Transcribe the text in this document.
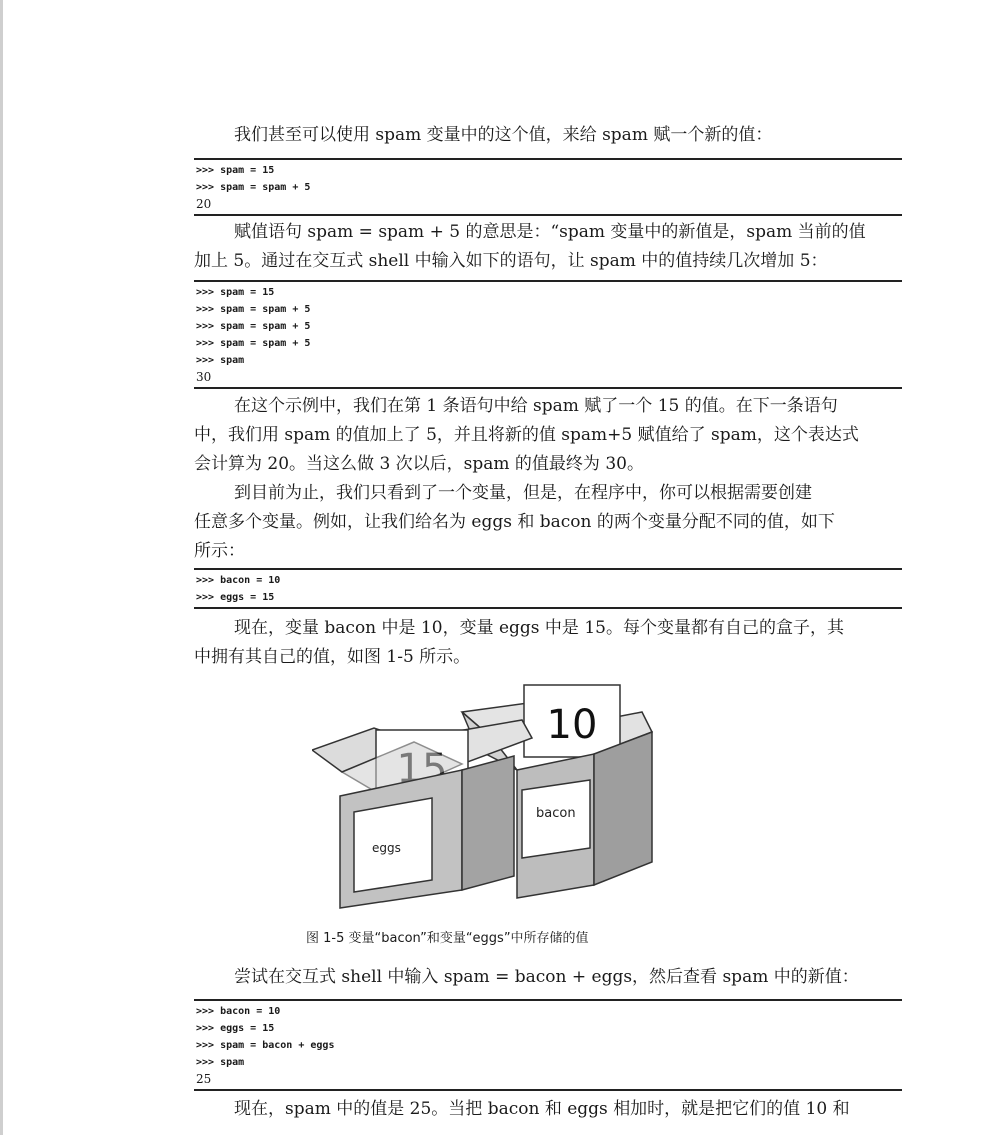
我们甚至可以使用 spam 变量中的这个值，来给 spam 赋一个新的值：

>>> spam = 15
>>> spam = spam + 5
20

赋值语句 spam = spam + 5 的意思是：“spam 变量中的新值是，spam 当前的值
加上 5。通过在交互式 shell 中输入如下的语句，让 spam 中的值持续几次增加 5：

>>> spam = 15
>>> spam = spam + 5
>>> spam = spam + 5
>>> spam = spam + 5
>>> spam
30

在这个示例中，我们在第 1 条语句中给 spam 赋了一个 15 的值。在下一条语句
中，我们用 spam 的值加上了 5，并且将新的值 spam+5 赋值给了 spam，这个表达式
会计算为 20。当这么做 3 次以后，spam 的值最终为 30。

到目前为止，我们只看到了一个变量，但是，在程序中，你可以根据需要创建
任意多个变量。例如，让我们给名为 eggs 和 bacon 的两个变量分配不同的值，如下
所示：

>>> bacon = 10
>>> eggs = 15

现在，变量 bacon 中是 10，变量 eggs 中是 15。每个变量都有自己的盒子，其
中拥有其自己的值，如图 1-5 所示。

10
bacon
eggs
图 1-5 变量“bacon”和变量“eggs”中所存储的值

尝试在交互式 shell 中输入 spam = bacon + eggs，然后查看 spam 中的新值：

>>> bacon = 10
>>> eggs = 15
>>> spam = bacon + eggs
>>> spam
25

现在，spam 中的值是 25。当把 bacon 和 eggs 相加时，就是把它们的值 10 和
